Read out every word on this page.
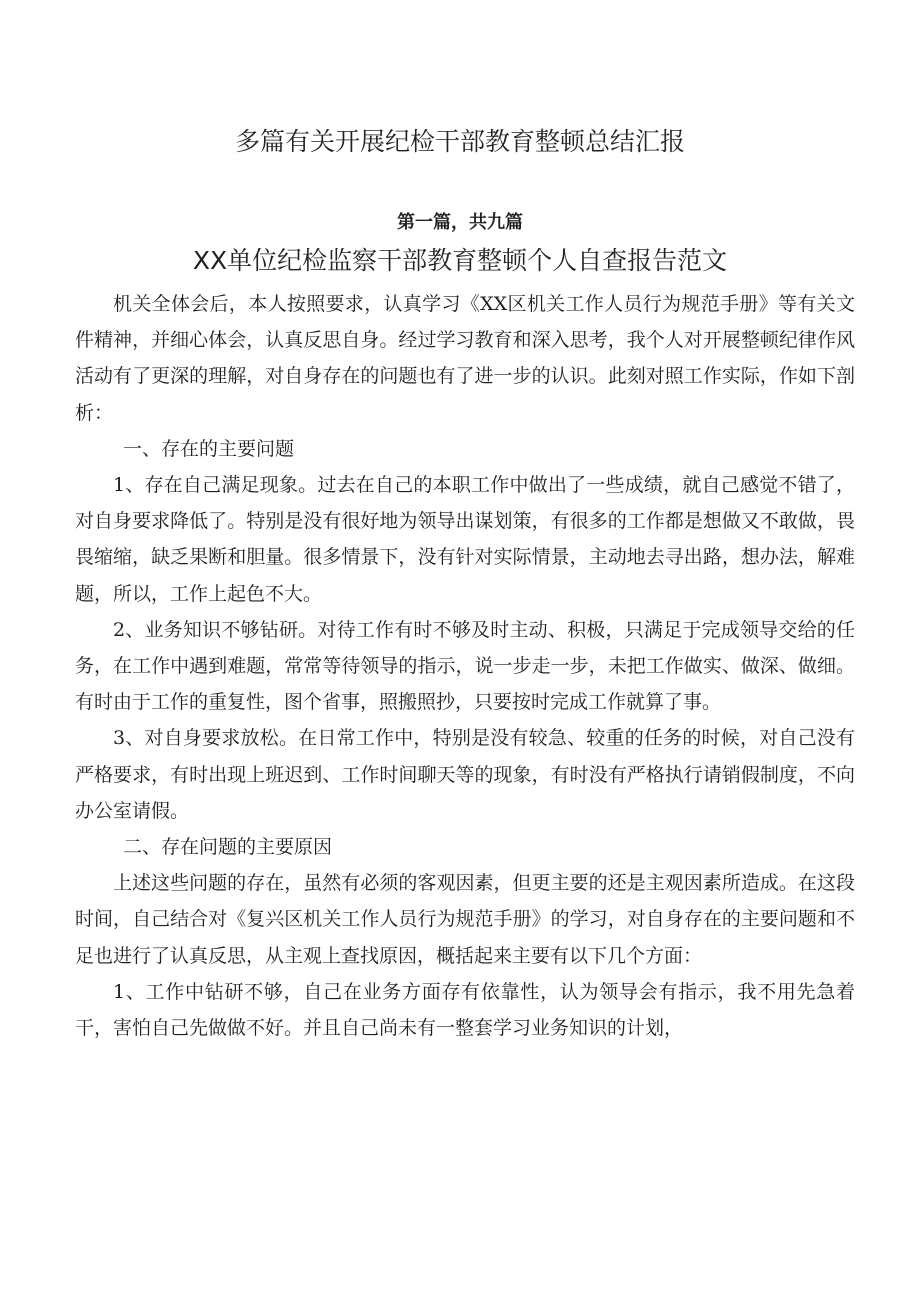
多篇有关开展纪检干部教育整顿总结汇报
第一篇，共九篇
XX单位纪检监察干部教育整顿个人自查报告范文

机关全体会后，本人按照要求，认真学习《XX区机关工作人员行为规范手册》等有关文件精神，并细心体会，认真反思自身。经过学习教育和深入思考，我个人对开展整顿纪律作风活动有了更深的理解，对自身存在的问题也有了进一步的认识。此刻对照工作实际，作如下剖析：

一、存在的主要问题

1、存在自己满足现象。过去在自己的本职工作中做出了一些成绩，就自己感觉不错了，对自身要求降低了。特别是没有很好地为领导出谋划策，有很多的工作都是想做又不敢做，畏畏缩缩，缺乏果断和胆量。很多情景下，没有针对实际情景，主动地去寻出路，想办法，解难题，所以，工作上起色不大。

2、业务知识不够钻研。对待工作有时不够及时主动、积极，只满足于完成领导交给的任务，在工作中遇到难题，常常等待领导的指示，说一步走一步，未把工作做实、做深、做细。有时由于工作的重复性，图个省事，照搬照抄，只要按时完成工作就算了事。

3、对自身要求放松。在日常工作中，特别是没有较急、较重的任务的时候，对自己没有严格要求，有时出现上班迟到、工作时间聊天等的现象，有时没有严格执行请销假制度，不向办公室请假。

二、存在问题的主要原因

上述这些问题的存在，虽然有必须的客观因素，但更主要的还是主观因素所造成。在这段时间，自己结合对《复兴区机关工作人员行为规范手册》的学习，对自身存在的主要问题和不足也进行了认真反思，从主观上查找原因，概括起来主要有以下几个方面：

1、工作中钻研不够，自己在业务方面存有依靠性，认为领导会有指示，我不用先急着干，害怕自己先做做不好。并且自己尚未有一整套学习业务知识的计划，
